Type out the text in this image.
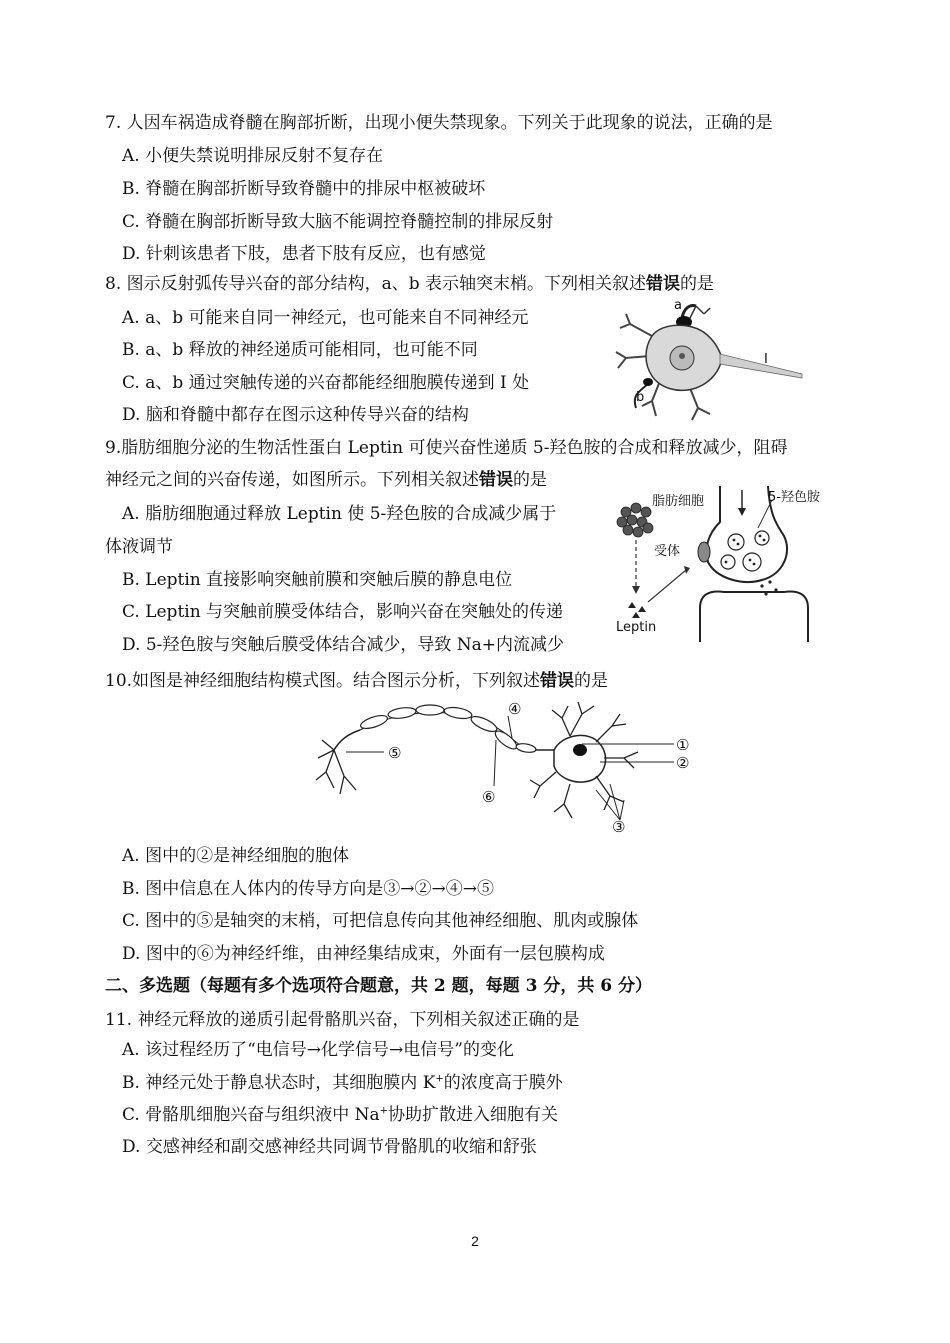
7. 人因车祸造成脊髓在胸部折断，出现小便失禁现象。下列关于此现象的说法，正确的是
A. 小便失禁说明排尿反射不复存在
B. 脊髓在胸部折断导致脊髓中的排尿中枢被破坏
C. 脊髓在胸部折断导致大脑不能调控脊髓控制的排尿反射
D. 针刺该患者下肢，患者下肢有反应，也有感觉
8. 图示反射弧传导兴奋的部分结构，a、b 表示轴突末梢。下列相关叙述错误的是
A. a、b 可能来自同一神经元，也可能来自不同神经元
B. a、b 释放的神经递质可能相同，也可能不同
C. a、b 通过突触传递的兴奋都能经细胞膜传递到 I 处
D. 脑和脊髓中都存在图示这种传导兴奋的结构
a
b
I
9.脂肪细胞分泌的生物活性蛋白 Leptin 可使兴奋性递质 5-羟色胺的合成和释放减少，阻碍
神经元之间的兴奋传递，如图所示。下列相关叙述错误的是
A. 脂肪细胞通过释放 Leptin 使 5-羟色胺的合成减少属于
体液调节
B. Leptin 直接影响突触前膜和突触后膜的静息电位
C. Leptin 与突触前膜受体结合，影响兴奋在突触处的传递
D. 5-羟色胺与突触后膜受体结合减少，导致 Na+内流减少
脂肪细胞	5-羟色胺
受体
Leptin
10.如图是神经细胞结构模式图。结合图示分析，下列叙述错误的是
①
②
③
④
⑤
⑥
A. 图中的②是神经细胞的胞体
B. 图中信息在人体内的传导方向是③→②→④→⑤
C. 图中的⑤是轴突的末梢，可把信息传向其他神经细胞、肌肉或腺体
D. 图中的⑥为神经纤维，由神经集结成束，外面有一层包膜构成
二、多选题（每题有多个选项符合题意，共 2 题，每题 3 分，共 6 分）
11. 神经元释放的递质引起骨骼肌兴奋，下列相关叙述正确的是
A. 该过程经历了“电信号→化学信号→电信号”的变化
B. 神经元处于静息状态时，其细胞膜内 K+的浓度高于膜外
C. 骨骼肌细胞兴奋与组织液中 Na+协助扩散进入细胞有关
D. 交感神经和副交感神经共同调节骨骼肌的收缩和舒张
2
